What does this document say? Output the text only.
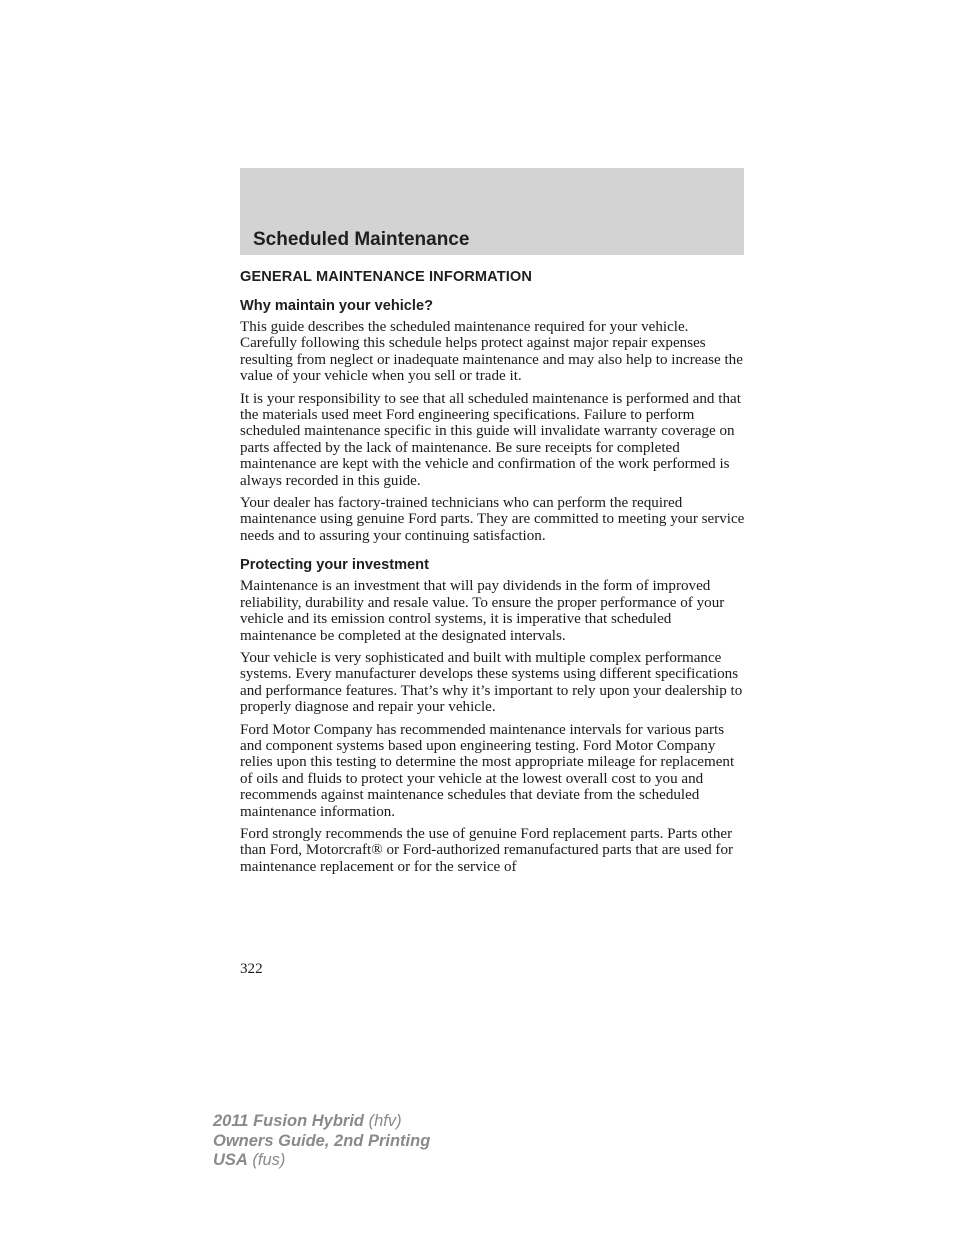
Scheduled Maintenance
GENERAL MAINTENANCE INFORMATION
Why maintain your vehicle?

This guide describes the scheduled maintenance required for your vehicle. Carefully following this schedule helps protect against major repair expenses resulting from neglect or inadequate maintenance and may also help to increase the value of your vehicle when you sell or trade it.

It is your responsibility to see that all scheduled maintenance is performed and that the materials used meet Ford engineering specifications. Failure to perform scheduled maintenance specific in this guide will invalidate warranty coverage on parts affected by the lack of maintenance. Be sure receipts for completed maintenance are kept with the vehicle and confirmation of the work performed is always recorded in this guide.

Your dealer has factory-trained technicians who can perform the required maintenance using genuine Ford parts. They are committed to meeting your service needs and to assuring your continuing satisfaction.

Protecting your investment

Maintenance is an investment that will pay dividends in the form of improved reliability, durability and resale value. To ensure the proper performance of your vehicle and its emission control systems, it is imperative that scheduled maintenance be completed at the designated intervals.

Your vehicle is very sophisticated and built with multiple complex performance systems. Every manufacturer develops these systems using different specifications and performance features. That’s why it’s important to rely upon your dealership to properly diagnose and repair your vehicle.

Ford Motor Company has recommended maintenance intervals for various parts and component systems based upon engineering testing. Ford Motor Company relies upon this testing to determine the most appropriate mileage for replacement of oils and fluids to protect your vehicle at the lowest overall cost to you and recommends against maintenance schedules that deviate from the scheduled maintenance information.

Ford strongly recommends the use of genuine Ford replacement parts. Parts other than Ford, Motorcraft® or Ford-authorized remanufactured parts that are used for maintenance replacement or for the service of

322
2011 Fusion Hybrid (hfv)
Owners Guide, 2nd Printing
USA (fus)
